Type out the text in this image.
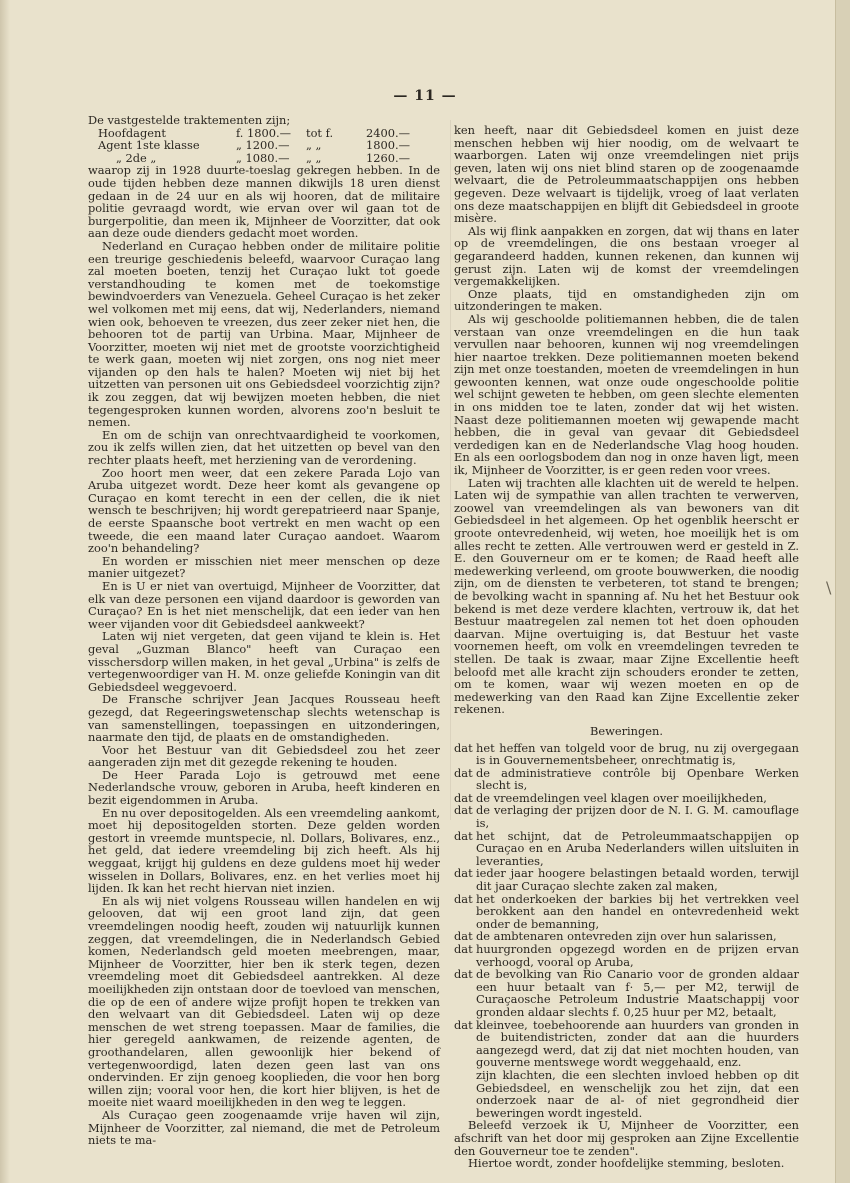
\
— 11 —

De vastgestelde traktementen zijn;

Hoofdagent	f. 1800.—	tot f.	2400.—
Agent 1ste klasse	„ 1200.—	„ „	1800.—
„ 2de „	„ 1080.—	„ „	1260.—

waarop zij in 1928 duurte-toeslag gekregen hebben. In de oude tijden hebben deze mannen dikwijls 18 uren dienst gedaan in de 24 uur en als wij hooren, dat de militaire politie gevraagd wordt, wie ervan over wil gaan tot de burgerpolitie, dan meen ik, Mijnheer de Voorzitter, dat ook aan deze oude dienders gedacht moet worden.

Nederland en Curaçao hebben onder de militaire politie een treurige geschiedenis beleefd, waarvoor Curaçao lang zal moeten boeten, tenzij het Curaçao lukt tot goede verstandhouding te komen met de toekomstige bewindvoerders van Venezuela. Geheel Curaçao is het zeker wel volkomen met mij eens, dat wij, Nederlanders, niemand wien ook, behoeven te vreezen, dus zeer zeker niet hen, die behooren tot de partij van Urbina. Maar, Mijnheer de Voorzitter, moeten wij niet met de grootste voorzichtigheid te werk gaan, moeten wij niet zorgen, ons nog niet meer vijanden op den hals te halen? Moeten wij niet bij het uitzetten van personen uit ons Gebiedsdeel voorzichtig zijn? ik zou zeggen, dat wij bewijzen moeten hebben, die niet tegengesproken kunnen worden, alvorens zoo'n besluit te nemen.

En om de schijn van onrechtvaardigheid te voorkomen, zou ik zelfs willen zien, dat het uitzetten op bevel van den rechter plaats heeft, met herziening van de verordening.

Zoo hoort men weer, dat een zekere Parada Lojo van Aruba uitgezet wordt. Deze heer komt als gevangene op Curaçao en komt terecht in een der cellen, die ik niet wensch te beschrijven; hij wordt gerepatrieerd naar Spanje, de eerste Spaansche boot vertrekt en men wacht op een tweede, die een maand later Curaçao aandoet. Waarom zoo'n behandeling?

En worden er misschien niet meer menschen op deze manier uitgezet?

En is U er niet van overtuigd, Mijnheer de Voorzitter, dat elk van deze personen een vijand daardoor is geworden van Curaçao? En is het niet menschelijk, dat een ieder van hen weer vijanden voor dit Gebiedsdeel aankweekt?

Laten wij niet vergeten, dat geen vijand te klein is. Het geval „Guzman Blanco" heeft van Curaçao een visschersdorp willen maken, in het geval „Urbina" is zelfs de vertegenwoordiger van H. M. onze geliefde Koningin van dit Gebiedsdeel weggevoerd.

De Fransche schrijver Jean Jacques Rousseau heeft gezegd, dat Regeeringswetenschap slechts wetenschap is van samenstellingen, toepassingen en uitzonderingen, naarmate den tijd, de plaats en de omstandigheden.

Voor het Bestuur van dit Gebiedsdeel zou het zeer aangeraden zijn met dit gezegde rekening te houden.

De Heer Parada Lojo is getrouwd met eene Nederlandsche vrouw, geboren in Aruba, heeft kinderen en bezit eigendommen in Aruba.

En nu over depositogelden. Als een vreemdeling aankomt, moet hij depositogelden storten. Deze gelden worden gestort in vreemde muntspecie, nl. Dollars, Bolivares, enz., het geld, dat iedere vreemdeling bij zich heeft. Als hij weggaat, krijgt hij guldens en deze guldens moet hij weder wisselen in Dollars, Bolivares, enz. en het verlies moet hij lijden. Ik kan het recht hiervan niet inzien.

En als wij niet volgens Rousseau willen handelen en wij gelooven, dat wij een groot land zijn, dat geen vreemdelingen noodig heeft, zouden wij natuurlijk kunnen zeggen, dat vreemdelingen, die in Nederlandsch Gebied komen, Nederlandsch geld moeten meebrengen, maar, Mijnheer de Voorzitter, hier ben ik sterk tegen, dezen vreemdeling moet dit Gebiedsdeel aantrekken. Al deze moeilijkheden zijn ontstaan door de toevloed van menschen, die op de een of andere wijze profijt hopen te trekken van den welvaart van dit Gebiedsdeel. Laten wij op deze menschen de wet streng toepassen. Maar de families, die hier geregeld aankwamen, de reizende agenten, de groothandelaren, allen gewoonlijk hier bekend of vertegenwoordigd, laten dezen geen last van ons ondervinden. Er zijn genoeg kooplieden, die voor hen borg willen zijn; vooral voor hen, die kort hier blijven, is het de moeite niet waard moeilijkheden in den weg te leggen.

Als Curaçao geen zoogenaamde vrije haven wil zijn, Mijnheer de Voorzitter, zal niemand, die met de Petroleum niets te ma-

ken heeft, naar dit Gebiedsdeel komen en juist deze menschen hebben wij hier noodig, om de welvaart te waarborgen. Laten wij onze vreemdelingen niet prijs geven, laten wij ons niet blind staren op de zoogenaamde welvaart, die de Petroleummaatschappijen ons hebben gegeven. Deze welvaart is tijdelijk, vroeg of laat verlaten ons deze maatschappijen en blijft dit Gebiedsdeel in groote misère.

Als wij flink aanpakken en zorgen, dat wij thans en later op de vreemdelingen, die ons bestaan vroeger al gegarandeerd hadden, kunnen rekenen, dan kunnen wij gerust zijn. Laten wij de komst der vreemdelingen vergemakkelijken.

Onze plaats, tijd en omstandigheden zijn om uitzonderingen te maken.

Als wij geschoolde politiemannen hebben, die de talen verstaan van onze vreemdelingen en die hun taak vervullen naar behooren, kunnen wij nog vreemdelingen hier naartoe trekken. Deze politiemannen moeten bekend zijn met onze toestanden, moeten de vreemdelingen in hun gewoonten kennen, wat onze oude ongeschoolde politie wel schijnt geweten te hebben, om geen slechte elementen in ons midden toe te laten, zonder dat wij het wisten. Naast deze politiemannen moeten wij gewapende macht hebben, die in geval van gevaar dit Gebiedsdeel verdedigen kan en de Nederlandsche Vlag hoog houden. En als een oorlogsbodem dan nog in onze haven ligt, meen ik, Mijnheer de Voorzitter, is er geen reden voor vrees.

Laten wij trachten alle klachten uit de wereld te helpen. Laten wij de sympathie van allen trachten te verwerven, zoowel van vreemdelingen als van bewoners van dit Gebiedsdeel in het algemeen. Op het ogenblik heerscht er groote ontevredenheid, wij weten, hoe moeilijk het is om alles recht te zetten. Alle vertrouwen werd er gesteld in Z. E. den Gouverneur om er te komen; de Raad heeft alle medewerking verleend, om groote bouwwerken, die noodig zijn, om de diensten te verbeteren, tot stand te brengen; de bevolking wacht in spanning af. Nu het het Bestuur ook bekend is met deze verdere klachten, vertrouw ik, dat het Bestuur maatregelen zal nemen tot het doen ophouden daarvan. Mijne overtuiging is, dat Bestuur het vaste voornemen heeft, om volk en vreemdelingen tevreden te stellen. De taak is zwaar, maar Zijne Excellentie heeft beloofd met alle kracht zijn schouders eronder te zetten, om te komen, waar wij wezen moeten en op de medewerking van den Raad kan Zijne Excellentie zeker rekenen.

Beweringen.
dat het heffen van tolgeld voor de brug, nu zij overgegaan is in Gouvernementsbeheer, onrechtmatig is,
dat de administratieve contrôle bij Openbare Werken slecht is,
dat de vreemdelingen veel klagen over moeilijkheden,
dat de verlaging der prijzen door de N. I. G. M. camouflage is,
dat het schijnt, dat de Petroleummaatschappijen op Curaçao en en Aruba Nederlanders willen uitsluiten in leveranties,
dat ieder jaar hoogere belastingen betaald worden, terwijl dit jaar Curaçao slechte zaken zal maken,
dat het onderkoeken der barkies bij het vertrekken veel berokkent aan den handel en ontevredenheid wekt onder de bemanning,
dat de ambtenaren ontevreden zijn over hun salarissen,
dat huurgronden opgezegd worden en de prijzen ervan verhoogd, vooral op Aruba,
dat de bevolking van Rio Canario voor de gronden aldaar een huur betaalt van f· 5,— per M2, terwijl de Curaçaosche Petroleum Industrie Maatschappij voor gronden aldaar slechts f. 0,25 huur per M2, betaalt,
dat kleinvee, toebehoorende aan huurders van gronden in de buitendistricten, zonder dat aan die huurders aangezegd werd, dat zij dat niet mochten houden, van gouverne mentswege wordt weggehaald, enz.
zijn klachten, die een slechten invloed hebben op dit Gebiedsdeel, en wenschelijk zou het zijn, dat een onderzoek naar de al- of niet gegrondheid dier beweringen wordt ingesteld.

Beleefd verzoek ik U, Mijnheer de Voorzitter, een afschrift van het door mij gesproken aan Zijne Excellentie den Gouverneur toe te zenden".

Hiertoe wordt, zonder hoofdelijke stemming, besloten.
